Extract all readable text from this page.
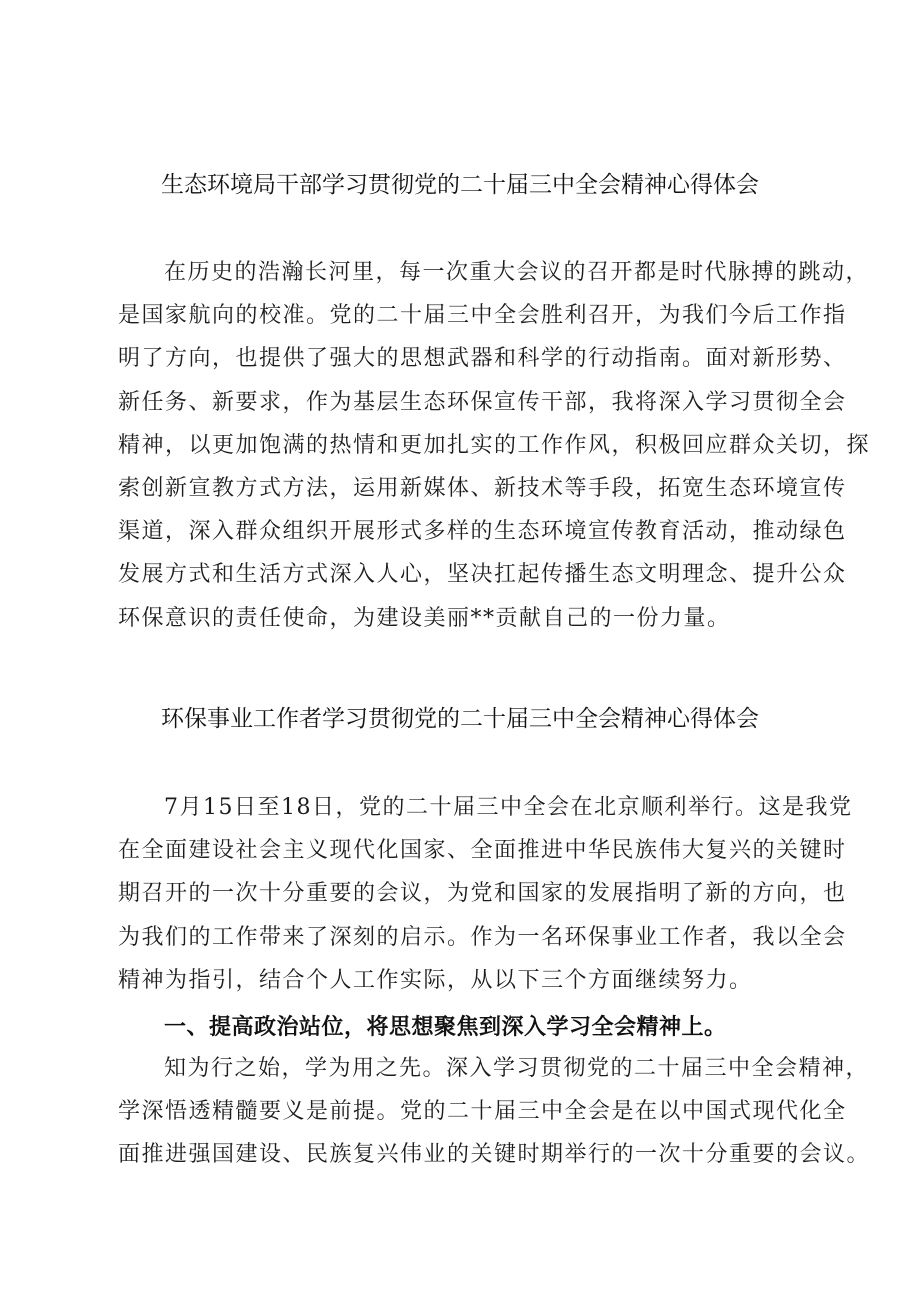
生态环境局干部学习贯彻党的二十届三中全会精神心得体会
在历史的浩瀚长河里，每一次重大会议的召开都是时代脉搏的跳动，
是国家航向的校准。党的二十届三中全会胜利召开，为我们今后工作指
明了方向，也提供了强大的思想武器和科学的行动指南。面对新形势、
新任务、新要求，作为基层生态环保宣传干部，我将深入学习贯彻全会
精神，以更加饱满的热情和更加扎实的工作作风，积极回应群众关切，探
索创新宣教方式方法，运用新媒体、新技术等手段，拓宽生态环境宣传
渠道，深入群众组织开展形式多样的生态环境宣传教育活动，推动绿色
发展方式和生活方式深入人心，坚决扛起传播生态文明理念、提升公众
环保意识的责任使命，为建设美丽**贡献自己的一份力量。
环保事业工作者学习贯彻党的二十届三中全会精神心得体会
7月15日至18日，党的二十届三中全会在北京顺利举行。这是我党
在全面建设社会主义现代化国家、全面推进中华民族伟大复兴的关键时
期召开的一次十分重要的会议，为党和国家的发展指明了新的方向，也
为我们的工作带来了深刻的启示。作为一名环保事业工作者，我以全会
精神为指引，结合个人工作实际，从以下三个方面继续努力。
一、提高政治站位，将思想聚焦到深入学习全会精神上。
知为行之始，学为用之先。深入学习贯彻党的二十届三中全会精神，
学深悟透精髓要义是前提。党的二十届三中全会是在以中国式现代化全
面推进强国建设、民族复兴伟业的关键时期举行的一次十分重要的会议。
